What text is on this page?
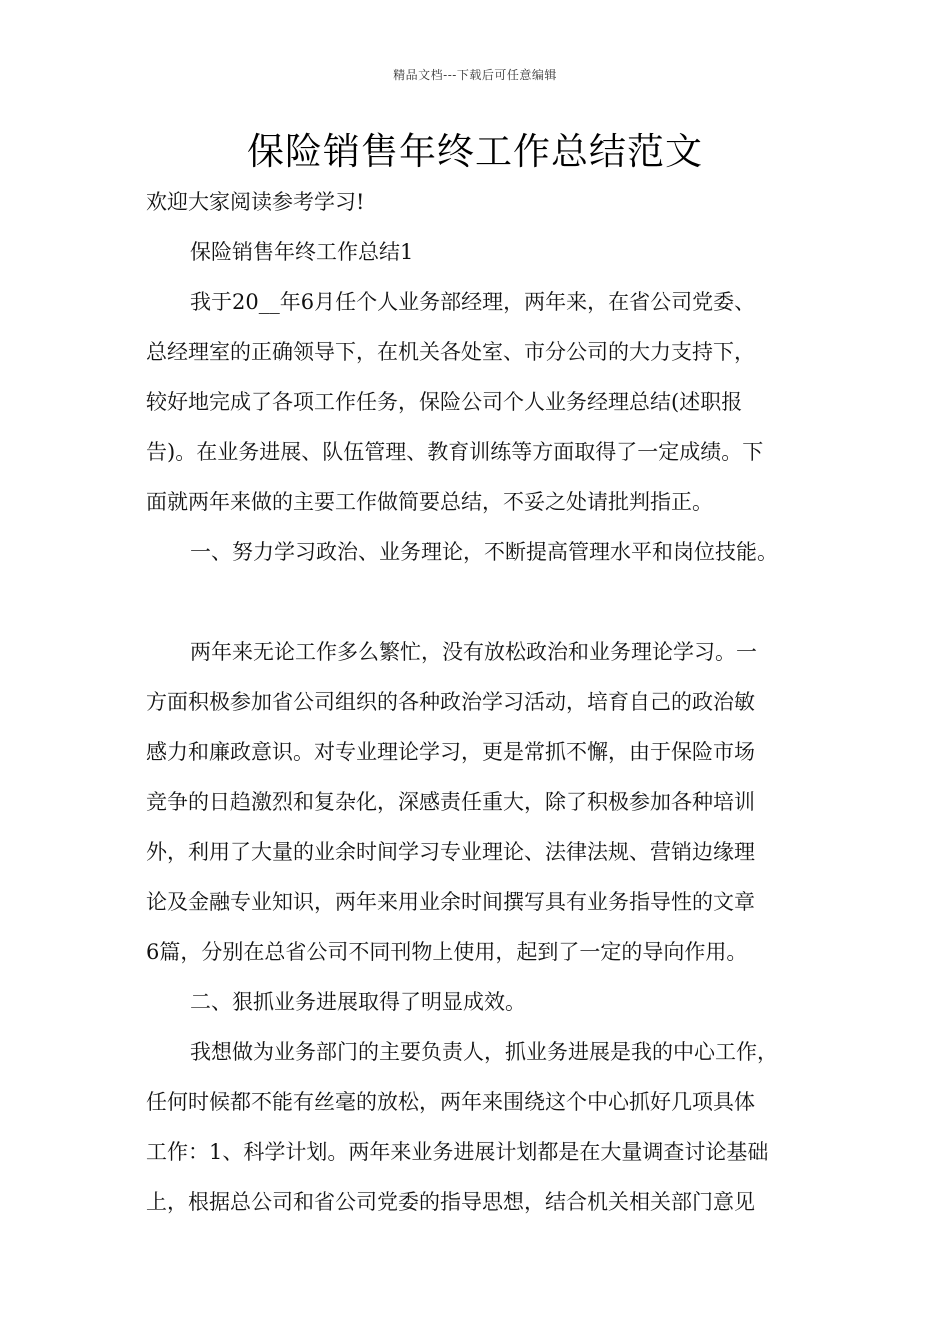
精品文档---下载后可任意编辑
保险销售年终工作总结范文

欢迎大家阅读参考学习!

保险销售年终工作总结1

我于20__年6月任个人业务部经理，两年来，在省公司党委、

总经理室的正确领导下，在机关各处室、市分公司的大力支持下，

较好地完成了各项工作任务，保险公司个人业务经理总结(述职报

告)。在业务进展、队伍管理、教育训练等方面取得了一定成绩。下

面就两年来做的主要工作做简要总结，不妥之处请批判指正。

一、努力学习政治、业务理论，不断提高管理水平和岗位技能。

两年来无论工作多么繁忙，没有放松政治和业务理论学习。一

方面积极参加省公司组织的各种政治学习活动，培育自己的政治敏

感力和廉政意识。对专业理论学习，更是常抓不懈，由于保险市场

竞争的日趋激烈和复杂化，深感责任重大，除了积极参加各种培训

外，利用了大量的业余时间学习专业理论、法律法规、营销边缘理

论及金融专业知识，两年来用业余时间撰写具有业务指导性的文章

6篇，分别在总省公司不同刊物上使用，起到了一定的导向作用。

二、狠抓业务进展取得了明显成效。

我想做为业务部门的主要负责人，抓业务进展是我的中心工作，

任何时候都不能有丝毫的放松，两年来围绕这个中心抓好几项具体

工作：1、科学计划。两年来业务进展计划都是在大量调查讨论基础

上，根据总公司和省公司党委的指导思想，结合机关相关部门意见
